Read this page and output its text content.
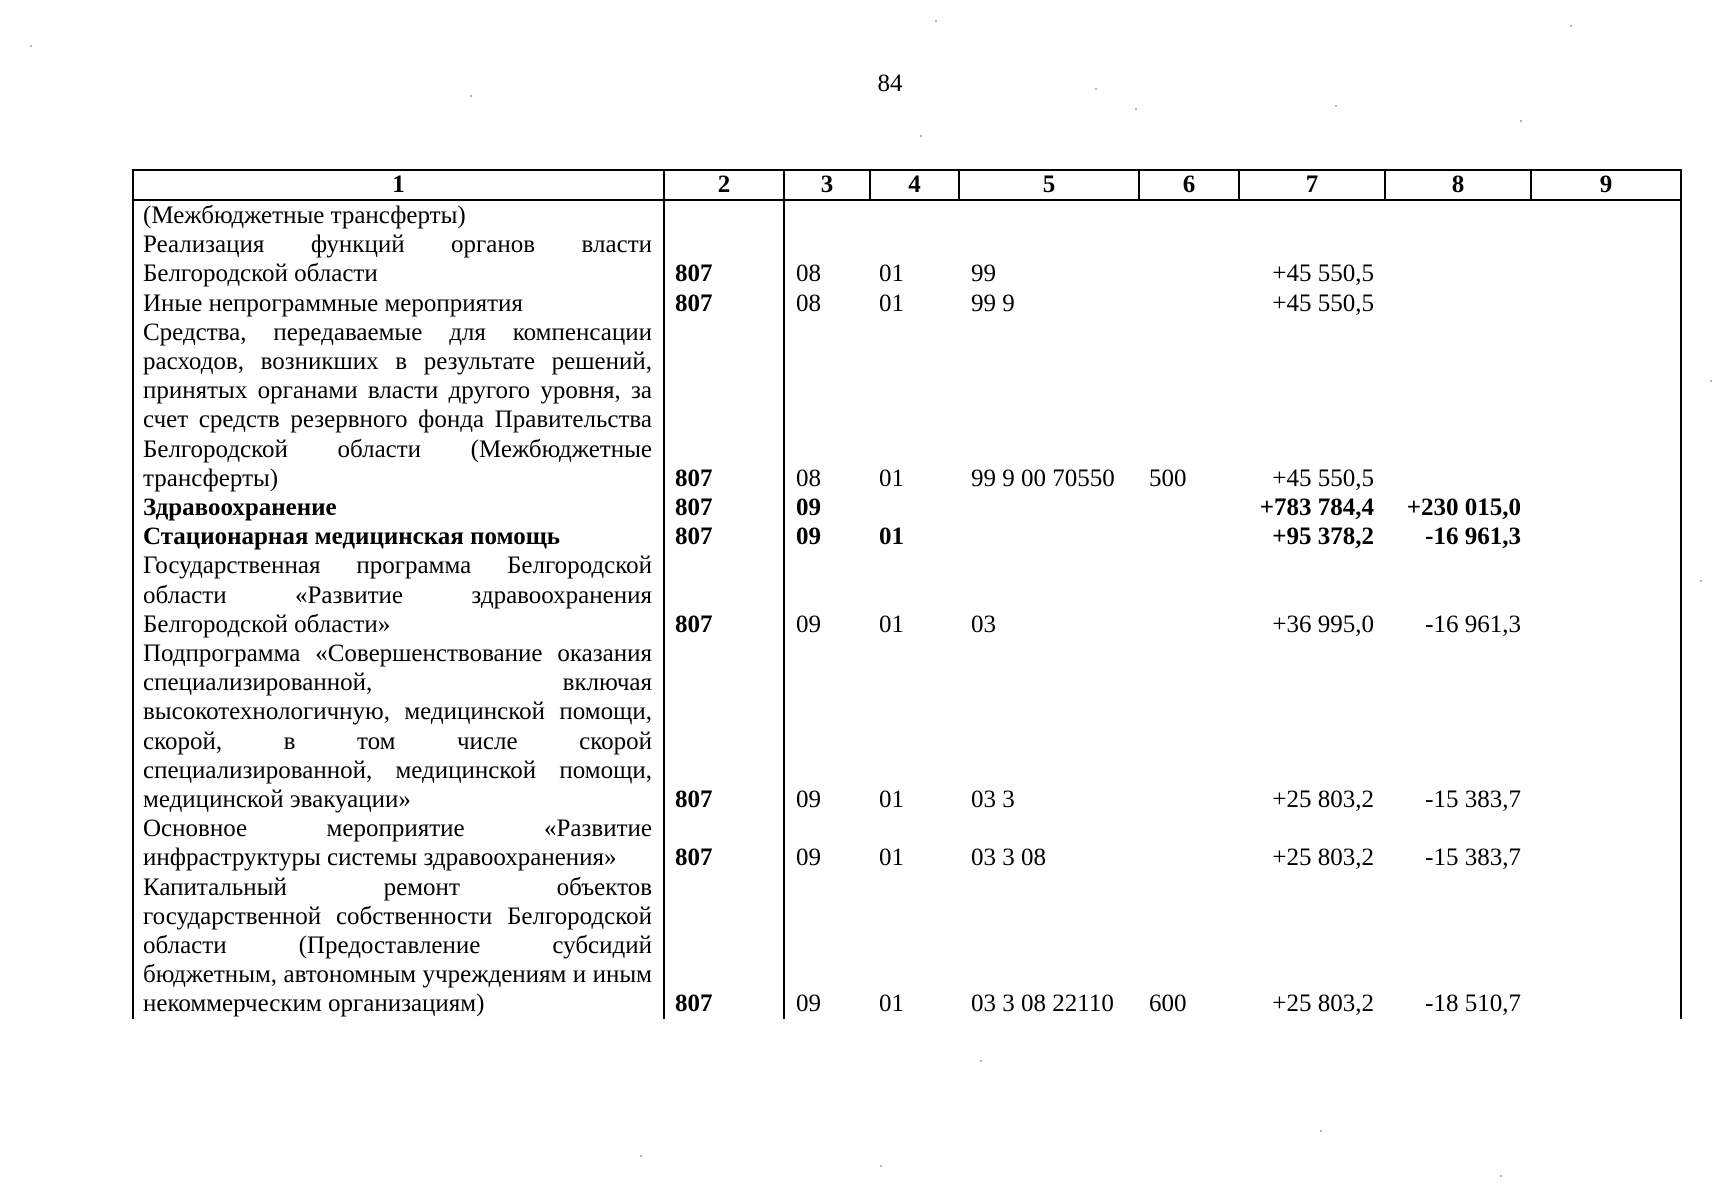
84
1	2	3	4	5	6	7	8	9
(Межбюджетные трансферты)								
Реализация функций органов власти Белгородской области	807	08	01	99		+45 550,5		
Иные непрограммные мероприятия	807	08	01	99 9		+45 550,5		
Средства, передаваемые для компенсации расходов, возникших в результате решений, принятых органами власти другого уровня, за счет средств резервного фонда Правительства Белгородской области (Межбюджетные трансферты)	807	08	01	99 9 00 70550	500	+45 550,5		
Здравоохранение	807	09				+783 784,4	+230 015,0	
Стационарная медицинская помощь	807	09	01			+95 378,2	-16 961,3	
Государственная программа Белгородской области «Развитие здравоохранения Белгородской области»	807	09	01	03		+36 995,0	-16 961,3	
Подпрограмма «Совершенствование оказания специализированной, включая высокотехнологичную, медицинской помощи, скорой, в том числе скорой специализированной, медицинской помощи, медицинской эвакуации»	807	09	01	03 3		+25 803,2	-15 383,7	
Основное мероприятие «Развитие инфраструктуры системы здравоохранения»	807	09	01	03 3 08		+25 803,2	-15 383,7	
Капитальный ремонт объектов государственной собственности Белгородской области (Предоставление субсидий бюджетным, автономным учреждениям и иным некоммерческим организациям)	807	09	01	03 3 08 22110	600	+25 803,2	-18 510,7	
